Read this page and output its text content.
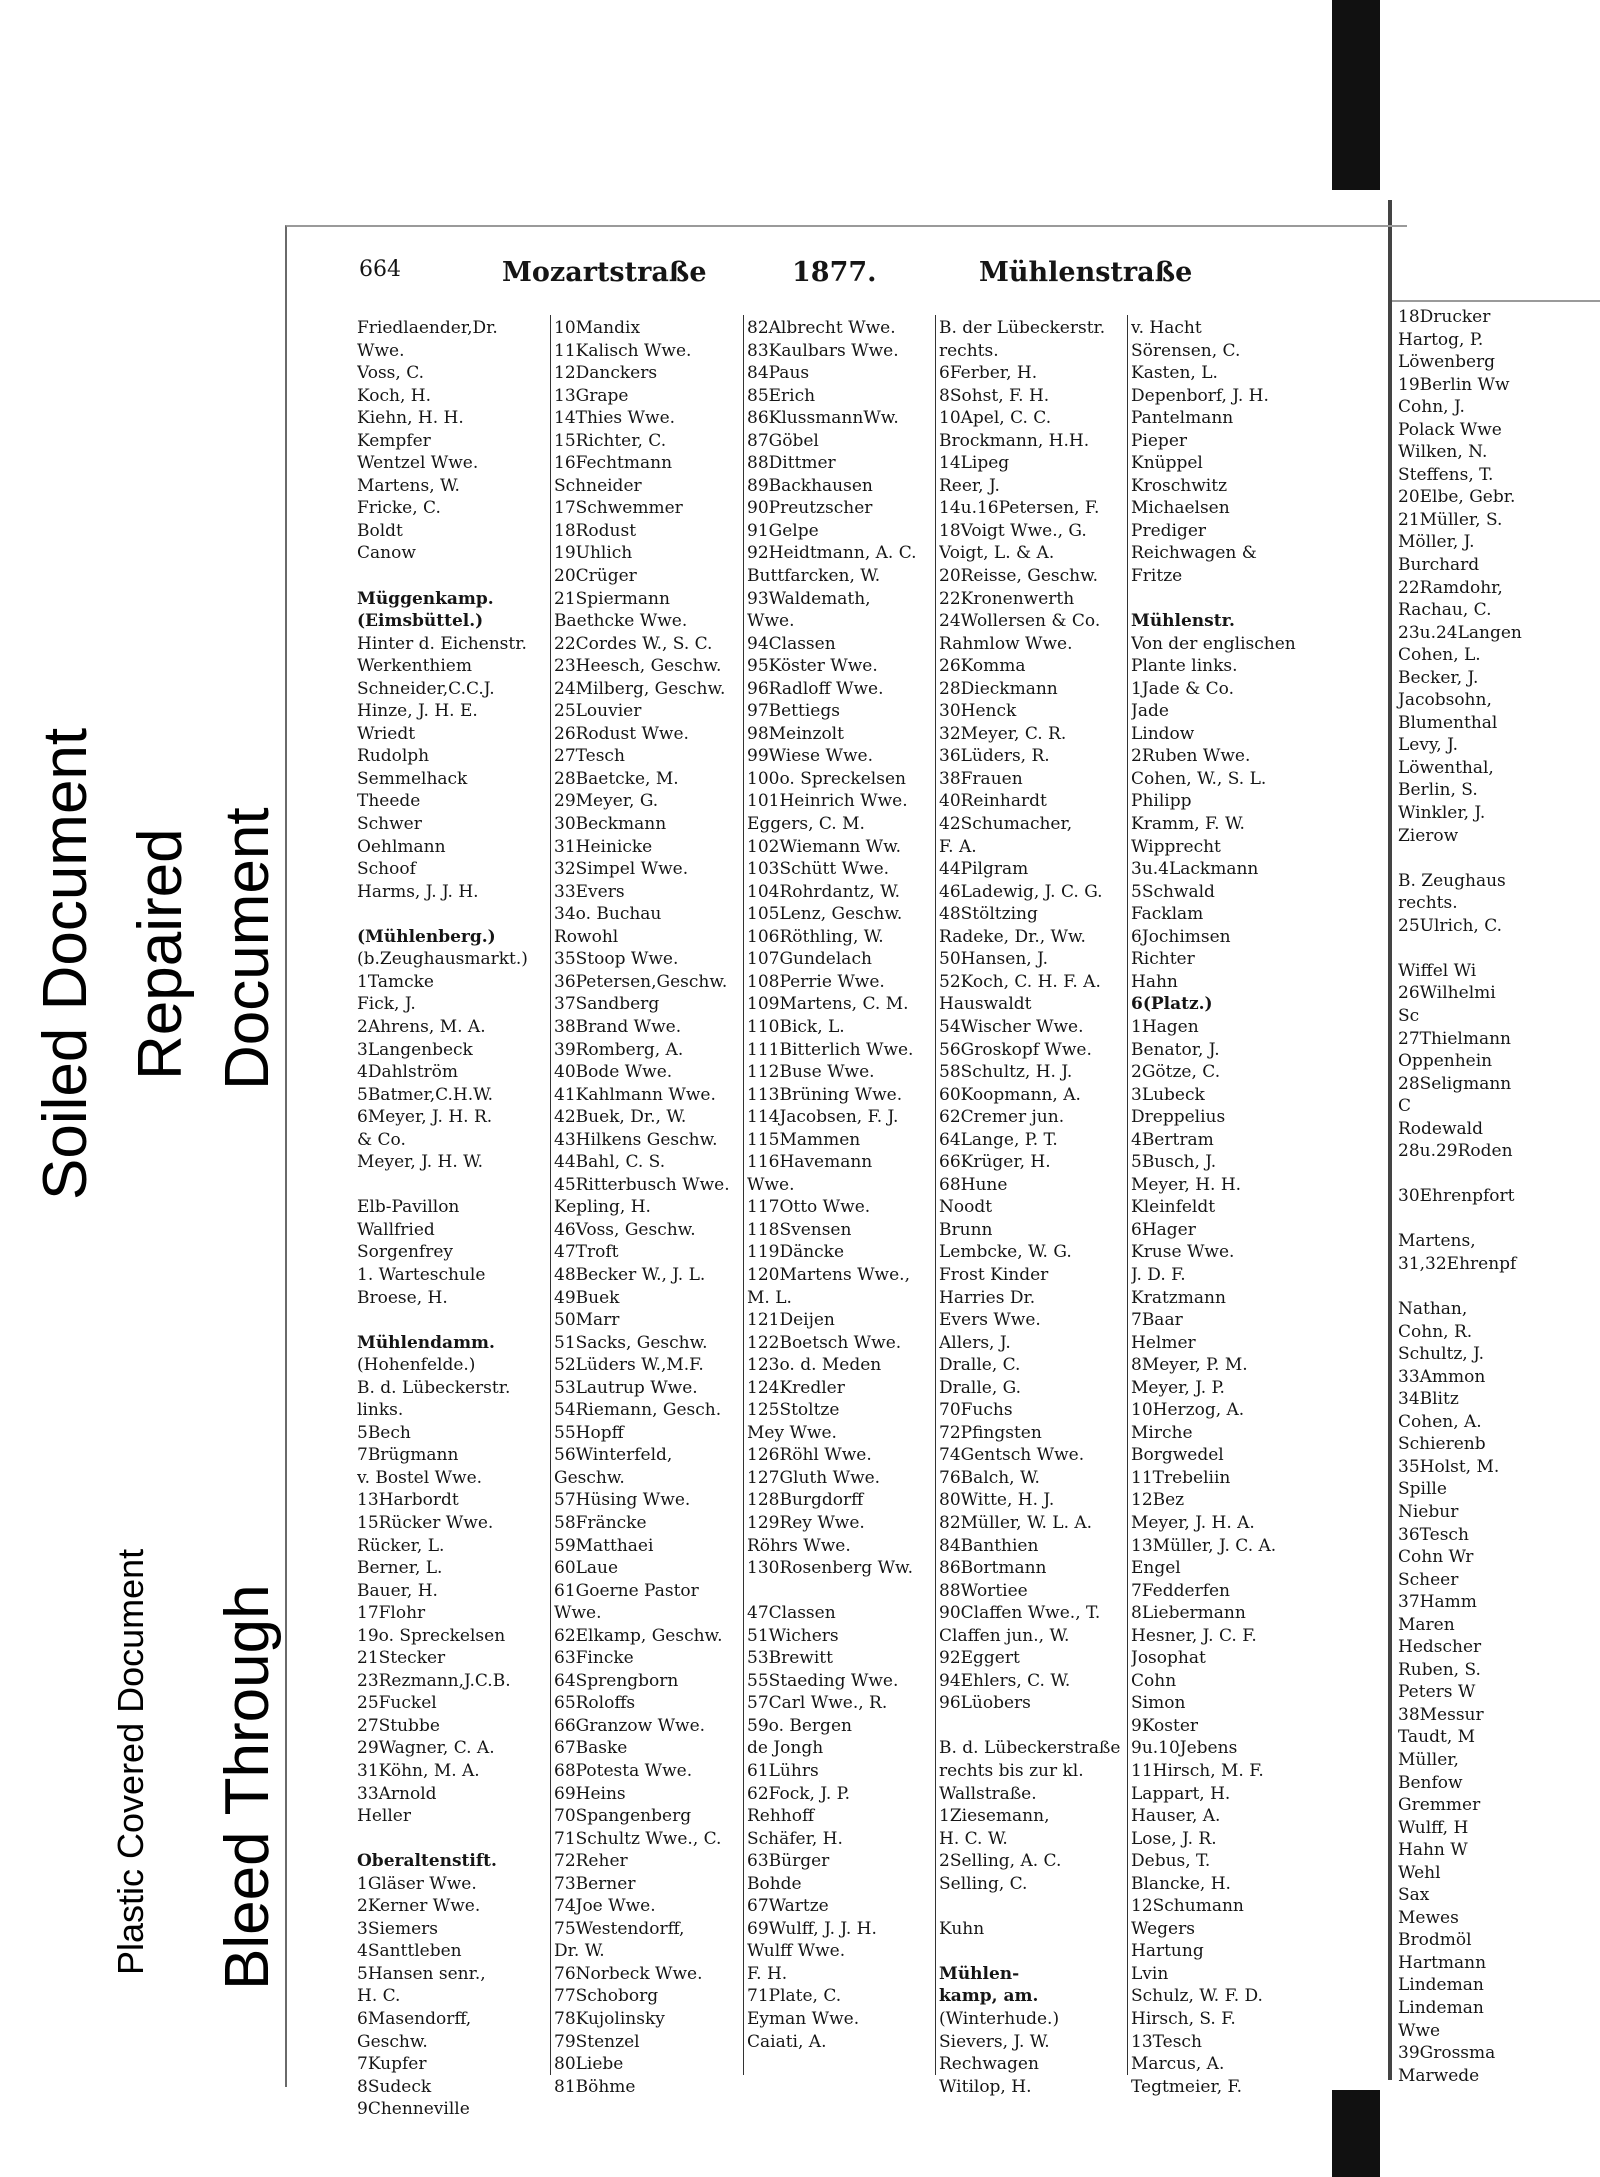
Soiled Document Repaired Document
Plastic Covered Document Bleed Through
664	Mozartstraße	1877.	Mühlenstraße
Friedlaender,Dr.
Wwe.
Voss, C.
Koch, H.
Kiehn, H. H.
Kempfer
Wentzel Wwe.
Martens, W.
Fricke, C.
Boldt
Canow
Müggenkamp.
(Eimsbüttel.)
Hinter d. Eichenstr.
Werkenthiem
Schneider,C.C.J.
Hinze, J. H. E.
Wriedt
Rudolph
Semmelhack
Theede
Schwer
Oehlmann
Schoof
Harms, J. J. H.
(Mühlenberg.)
(b.Zeughausmarkt.)
1Tamcke
Fick, J.
2Ahrens, M. A.
3Langenbeck
4Dahlström
5Batmer,C.H.W.
6Meyer, J. H. R.
& Co.
Meyer, J. H. W.
Elb-Pavillon
Wallfried
Sorgenfrey
1. Warteschule
Broese, H.
Mühlendamm.
(Hohenfelde.)
B. d. Lübeckerstr.
links.
5Bech
7Brügmann
v. Bostel Wwe.
13Harbordt
15Rücker Wwe.
Rücker, L.
Berner, L.
Bauer, H.
17Flohr
19o. Spreckelsen
21Stecker
23Rezmann,J.C.B.
25Fuckel
27Stubbe
29Wagner, C. A.
31Köhn, M. A.
33Arnold
Heller
Oberaltenstift.
1Gläser Wwe.
2Kerner Wwe.
3Siemers
4Santtleben
5Hansen senr.,
H. C.
6Masendorff,
Geschw.
7Kupfer
8Sudeck
9Chenneville
10Mandix
11Kalisch Wwe.
12Danckers
13Grape
14Thies Wwe.
15Richter, C.
16Fechtmann
Schneider
17Schwemmer
18Rodust
19Uhlich
20Crüger
21Spiermann
Baethcke Wwe.
22Cordes W., S. C.
23Heesch, Geschw.
24Milberg, Geschw.
25Louvier
26Rodust Wwe.
27Tesch
28Baetcke, M.
29Meyer, G.
30Beckmann
31Heinicke
32Simpel Wwe.
33Evers
34o. Buchau
Rowohl
35Stoop Wwe.
36Petersen,Geschw.
37Sandberg
38Brand Wwe.
39Romberg, A.
40Bode Wwe.
41Kahlmann Wwe.
42Buek, Dr., W.
43Hilkens Geschw.
44Bahl, C. S.
45Ritterbusch Wwe.
Kepling, H.
46Voss, Geschw.
47Troft
48Becker W., J. L.
49Buek
50Marr
51Sacks, Geschw.
52Lüders W.,M.F.
53Lautrup Wwe.
54Riemann, Gesch.
55Hopff
56Winterfeld,
Geschw.
57Hüsing Wwe.
58Fräncke
59Matthaei
60Laue
61Goerne Pastor
Wwe.
62Elkamp, Geschw.
63Fincke
64Sprengborn
65Roloffs
66Granzow Wwe.
67Baske
68Potesta Wwe.
69Heins
70Spangenberg
71Schultz Wwe., C.
72Reher
73Berner
74Joe Wwe.
75Westendorff,
Dr. W.
76Norbeck Wwe.
77Schoborg
78Kujolinsky
79Stenzel
80Liebe
81Böhme
82Albrecht Wwe.
83Kaulbars Wwe.
84Paus
85Erich
86KlussmannWw.
87Göbel
88Dittmer
89Backhausen
90Preutzscher
91Gelpe
92Heidtmann, A. C.
Buttfarcken, W.
93Waldemath,
Wwe.
94Classen
95Köster Wwe.
96Radloff Wwe.
97Bettiegs
98Meinzolt
99Wiese Wwe.
100o. Spreckelsen
101Heinrich Wwe.
Eggers, C. M.
102Wiemann Ww.
103Schütt Wwe.
104Rohrdantz, W.
105Lenz, Geschw.
106Röthling, W.
107Gundelach
108Perrie Wwe.
109Martens, C. M.
110Bick, L.
111Bitterlich Wwe.
112Buse Wwe.
113Brüning Wwe.
114Jacobsen, F. J.
115Mammen
116Havemann
Wwe.
117Otto Wwe.
118Svensen
119Däncke
120Martens Wwe.,
M. L.
121Deijen
122Boetsch Wwe.
123o. d. Meden
124Kredler
125Stoltze
Mey Wwe.
126Röhl Wwe.
127Gluth Wwe.
128Burgdorff
129Rey Wwe.
Röhrs Wwe.
130Rosenberg Ww.
47Classen
51Wichers
53Brewitt
55Staeding Wwe.
57Carl Wwe., R.
59o. Bergen
de Jongh
61Lührs
62Fock, J. P.
Rehhoff
Schäfer, H.
63Bürger
Bohde
67Wartze
69Wulff, J. J. H.
Wulff Wwe.
F. H.
71Plate, C.
Eyman Wwe.
Caiati, A.
B. der Lübeckerstr.
rechts.
6Ferber, H.
8Sohst, F. H.
10Apel, C. C.
Brockmann, H.H.
14Lipeg
Reer, J.
14u.16Petersen, F.
18Voigt Wwe., G.
Voigt, L. & A.
20Reisse, Geschw.
22Kronenwerth
24Wollersen & Co.
Rahmlow Wwe.
26Komma
28Dieckmann
30Henck
32Meyer, C. R.
36Lüders, R.
38Frauen
40Reinhardt
42Schumacher,
F. A.
44Pilgram
46Ladewig, J. C. G.
48Stöltzing
Radeke, Dr., Ww.
50Hansen, J.
52Koch, C. H. F. A.
Hauswaldt
54Wischer Wwe.
56Groskopf Wwe.
58Schultz, H. J.
60Koopmann, A.
62Cremer jun.
64Lange, P. T.
66Krüger, H.
68Hune
Noodt
Brunn
Lembcke, W. G.
Frost Kinder
Harries Dr.
Evers Wwe.
Allers, J.
Dralle, C.
Dralle, G.
70Fuchs
72Pfingsten
74Gentsch Wwe.
76Balch, W.
80Witte, H. J.
82Müller, W. L. A.
84Banthien
86Bortmann
88Wortiee
90Claffen Wwe., T.
Claffen jun., W.
92Eggert
94Ehlers, C. W.
96Lüobers
B. d. Lübeckerstraße
rechts bis zur kl.
Wallstraße.
1Ziesemann,
H. C. W.
2Selling, A. C.
Selling, C.
Kuhn
Mühlen-
kamp, am.
(Winterhude.)
Sievers, J. W.
Rechwagen
Witilop, H.
v. Hacht
Sörensen, C.
Kasten, L.
Depenborf, J. H.
Pantelmann
Pieper
Knüppel
Kroschwitz
Michaelsen
Prediger
Reichwagen &
Fritze
Mühlenstr.
Von der englischen
Plante links.
1Jade & Co.
Jade
Lindow
2Ruben Wwe.
Cohen, W., S. L.
Philipp
Kramm, F. W.
Wipprecht
3u.4Lackmann
5Schwald
Facklam
6Jochimsen
Richter
Hahn
6(Platz.)
1Hagen
Benator, J.
2Götze, C.
3Lubeck
Dreppelius
4Bertram
5Busch, J.
Meyer, H. H.
Kleinfeldt
6Hager
Kruse Wwe.
J. D. F.
Kratzmann
7Baar
Helmer
8Meyer, P. M.
Meyer, J. P.
10Herzog, A.
Mirche
Borgwedel
11Trebeliin
12Bez
Meyer, J. H. A.
13Müller, J. C. A.
Engel
7Fedderfen
8Liebermann
Hesner, J. C. F.
Josophat
Cohn
Simon
9Koster
9u.10Jebens
11Hirsch, M. F.
Lappart, H.
Hauser, A.
Lose, J. R.
Debus, T.
Blancke, H.
12Schumann
Wegers
Hartung
Lvin
Schulz, W. F. D.
Hirsch, S. F.
13Tesch
Marcus, A.
Tegtmeier, F.
18Drucker
Hartog, P.
Löwenberg
19Berlin Ww
Cohn, J.
Polack Wwe
Wilken, N.
Steffens, T.
20Elbe, Gebr.
21Müller, S.
Möller, J.
Burchard
22Ramdohr,
Rachau, C.
23u.24Langen
Cohen, L.
Becker, J.
Jacobsohn,
Blumenthal
Levy, J.
Löwenthal,
Berlin, S.
Winkler, J.
Zierow
B. Zeughaus
rechts.
25Ulrich, C.
Wiffel Wi
26Wilhelmi
Sc
27Thielmann
Oppenhein
28Seligmann
C
Rodewald
28u.29Roden
30Ehrenpfort
Martens,
31,32Ehrenpf
Nathan,
Cohn, R.
Schultz, J.
33Ammon
34Blitz
Cohen, A.
Schierenb
35Holst, M.
Spille
Niebur
36Tesch
Cohn Wr
Scheer
37Hamm
Maren
Hedscher
Ruben, S.
Peters W
38Messur
Taudt, M
Müller,
Benfow
Gremmer
Wulff, H
Hahn W
Wehl
Sax
Mewes
Brodmöl
Hartmann
Lindeman
Lindeman
Wwe
39Grossma
Marwede
